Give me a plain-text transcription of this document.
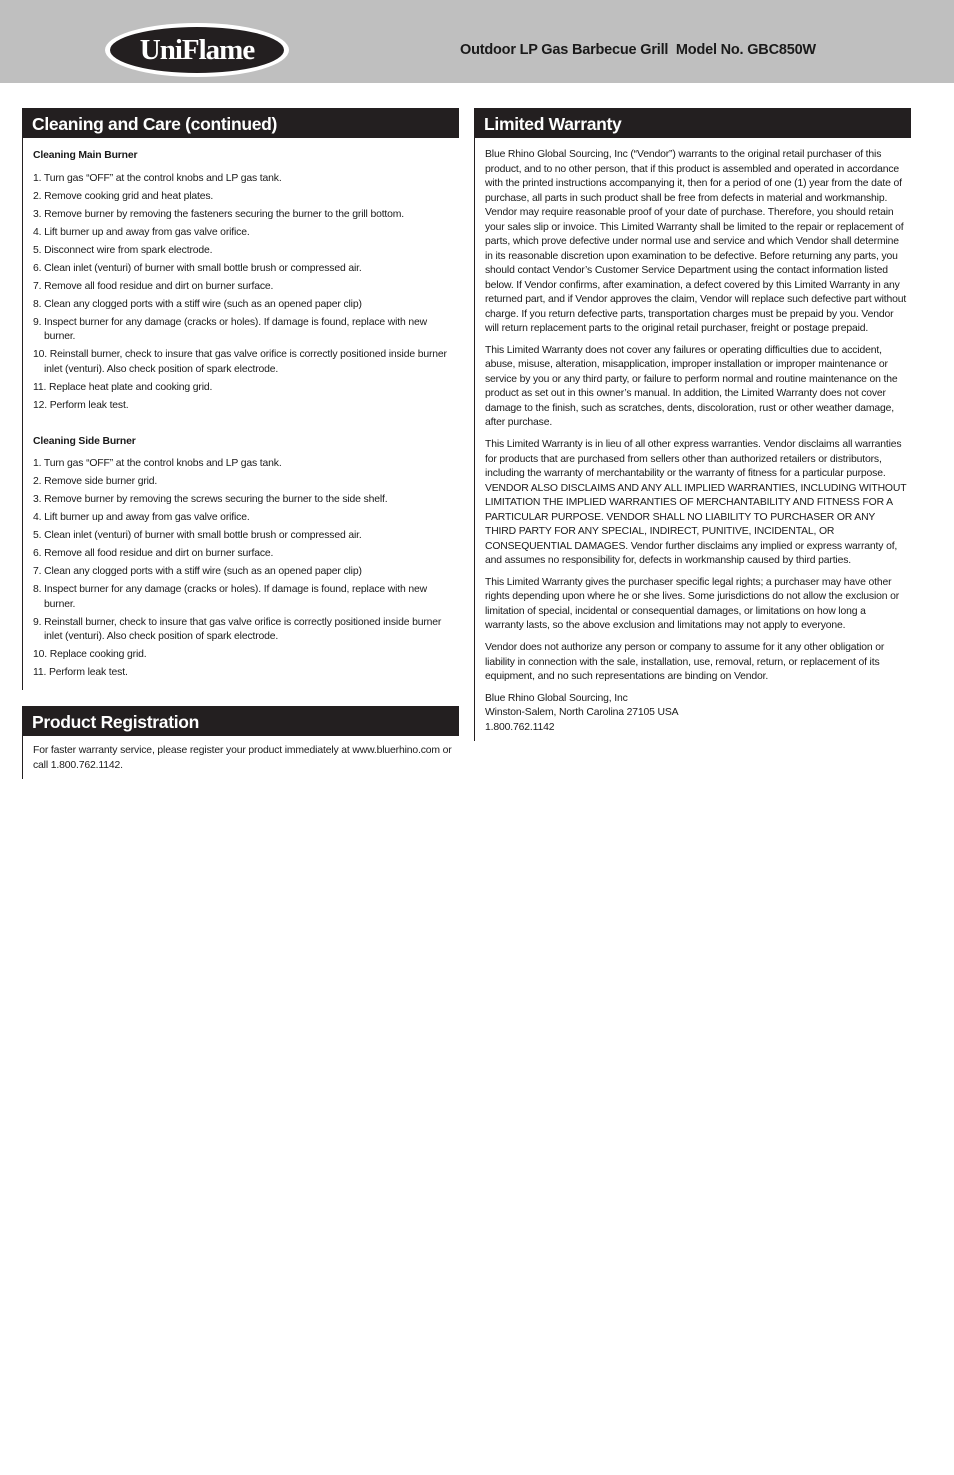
UniFlame	Outdoor LP Gas Barbecue Grill  Model No. GBC850W
Cleaning and Care (continued)
Cleaning Main Burner
1. Turn gas “OFF” at the control knobs and LP gas tank.
2. Remove cooking grid and heat plates.
3. Remove burner by removing the fasteners securing the burner to the grill bottom.
4. Lift burner up and away from gas valve orifice.
5. Disconnect wire from spark electrode.
6. Clean inlet (venturi) of burner with small bottle brush or compressed air.
7. Remove all food residue and dirt on burner surface.
8. Clean any clogged ports with a stiff wire (such as an opened paper clip)
9. Inspect burner for any damage (cracks or holes). If damage is found, replace with new burner.
10. Reinstall burner, check to insure that gas valve orifice is correctly positioned inside burner inlet (venturi). Also check position of spark electrode.
11. Replace heat plate and cooking grid.
12. Perform leak test.
Cleaning Side Burner
1. Turn gas “OFF” at the control knobs and LP gas tank.
2. Remove side burner grid.
3. Remove burner by removing the screws securing the burner to the side shelf.
4. Lift burner up and away from gas valve orifice.
5. Clean inlet (venturi) of burner with small bottle brush or compressed air.
6. Remove all food residue and dirt on burner surface.
7. Clean any clogged ports with a stiff wire (such as an opened paper clip)
8. Inspect burner for any damage (cracks or holes). If damage is found, replace with new burner.
9. Reinstall burner, check to insure that gas valve orifice is correctly positioned inside burner inlet (venturi). Also check position of spark electrode.
10. Replace cooking grid.
11. Perform leak test.
Product Registration
For faster warranty service, please register your product immediately at www.bluerhino.com or call 1.800.762.1142.
Limited Warranty

Blue Rhino Global Sourcing, Inc (“Vendor”) warrants to the original retail purchaser of this product, and to no other person, that if this product is assembled and operated in accordance with the printed instructions accompanying it, then for a period of one (1) year from the date of purchase, all parts in such product shall be free from defects in material and workmanship. Vendor may require reasonable proof of your date of purchase. Therefore, you should retain your sales slip or invoice. This Limited Warranty shall be limited to the repair or replacement of parts, which prove defective under normal use and service and which Vendor shall determine in its reasonable discretion upon examination to be defective. Before returning any parts, you should contact Vendor’s Customer Service Department using the contact information listed below. If Vendor confirms, after examination, a defect covered by this Limited Warranty in any returned part, and if Vendor approves the claim, Vendor will replace such defective part without charge. If you return defective parts, transportation charges must be prepaid by you. Vendor will return replacement parts to the original retail purchaser, freight or postage prepaid.

This Limited Warranty does not cover any failures or operating difficulties due to accident, abuse, misuse, alteration, misapplication, improper installation or improper maintenance or service by you or any third party, or failure to perform normal and routine maintenance on the product as set out in this owner’s manual. In addition, the Limited Warranty does not cover damage to the finish, such as scratches, dents, discoloration, rust or other weather damage, after purchase.

This Limited Warranty is in lieu of all other express warranties. Vendor disclaims all warranties for products that are purchased from sellers other than authorized retailers or distributors, including the warranty of merchantability or the warranty of fitness for a particular purpose. VENDOR ALSO DISCLAIMS AND ANY ALL IMPLIED WARRANTIES, INCLUDING WITHOUT LIMITATION THE IMPLIED WARRANTIES OF MERCHANTABILITY AND FITNESS FOR A PARTICULAR PURPOSE. VENDOR SHALL NO LIABILITY TO PURCHASER OR ANY THIRD PARTY FOR ANY SPECIAL, INDIRECT, PUNITIVE, INCIDENTAL, OR CONSEQUENTIAL DAMAGES. Vendor further disclaims any implied or express warranty of, and assumes no responsibility for, defects in workmanship caused by third parties.

This Limited Warranty gives the purchaser specific legal rights; a purchaser may have other rights depending upon where he or she lives. Some jurisdictions do not allow the exclusion or limitation of special, incidental or consequential damages, or limitations on how long a warranty lasts, so the above exclusion and limitations may not apply to everyone.

Vendor does not authorize any person or company to assume for it any other obligation or liability in connection with the sale, installation, use, removal, return, or replacement of its equipment, and no such representations are binding on Vendor.

Blue Rhino Global Sourcing, Inc
Winston-Salem, North Carolina 27105 USA
1.800.762.1142
